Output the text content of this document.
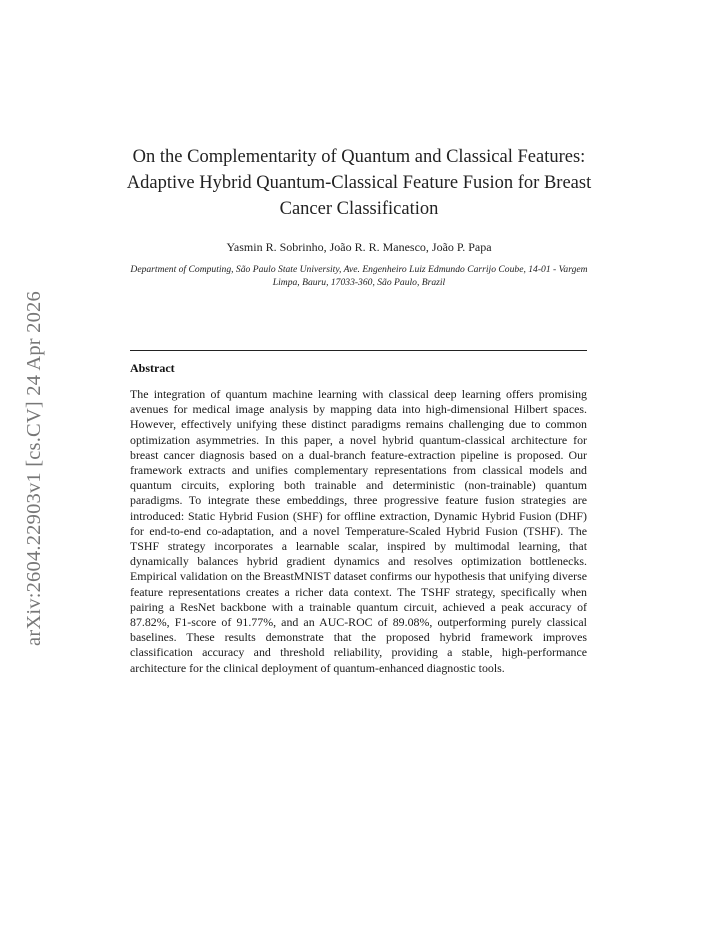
arXiv:2604.22903v1 [cs.CV] 24 Apr 2026
On the Complementarity of Quantum and Classical Features: Adaptive Hybrid Quantum-Classical Feature Fusion for Breast Cancer Classification
Yasmin R. Sobrinho, João R. R. Manesco, João P. Papa
Department of Computing, São Paulo State University, Ave. Engenheiro Luiz Edmundo Carrijo Coube, 14-01 - Vargem Limpa, Bauru, 17033-360, São Paulo, Brazil
Abstract

The integration of quantum machine learning with classical deep learning offers promising avenues for medical image analysis by mapping data into high-dimensional Hilbert spaces. However, effectively unifying these distinct paradigms remains challenging due to common optimization asymmetries. In this paper, a novel hybrid quantum-classical architecture for breast cancer diagnosis based on a dual-branch feature-extraction pipeline is proposed. Our framework extracts and unifies complementary representations from classical models and quantum circuits, exploring both trainable and deterministic (non-trainable) quantum paradigms. To integrate these embeddings, three progressive feature fusion strategies are introduced: Static Hybrid Fusion (SHF) for offline extraction, Dynamic Hybrid Fusion (DHF) for end-to-end co-adaptation, and a novel Temperature-Scaled Hybrid Fusion (TSHF). The TSHF strategy incorporates a learnable scalar, inspired by multimodal learning, that dynamically balances hybrid gradient dynamics and resolves optimization bottlenecks. Empirical validation on the BreastMNIST dataset confirms our hypothesis that unifying diverse feature representations creates a richer data context. The TSHF strategy, specifically when pairing a ResNet backbone with a trainable quantum circuit, achieved a peak accuracy of 87.82%, F1-score of 91.77%, and an AUC-ROC of 89.08%, outperforming purely classical baselines. These results demonstrate that the proposed hybrid framework improves classification accuracy and threshold reliability, providing a stable, high-performance architecture for the clinical deployment of quantum-enhanced diagnostic tools.
